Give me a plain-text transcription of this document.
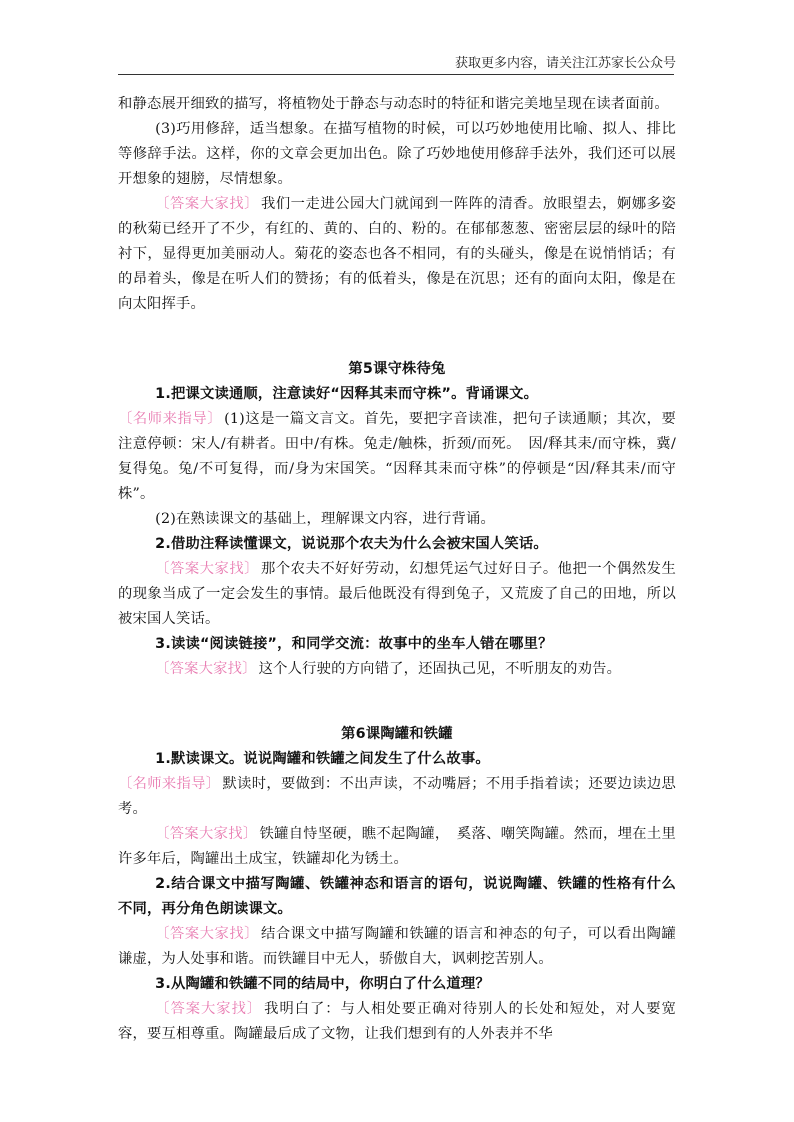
获取更多内容，请关注江苏家长公众号

和静态展开细致的描写，将植物处于静态与动态时的特征和谐完美地呈现在读者面前。

(3)巧用修辞，适当想象。在描写植物的时候，可以巧妙地使用比喻、拟人、排比等修辞手法。这样，你的文章会更加出色。除了巧妙地使用修辞手法外，我们还可以展开想象的翅膀，尽情想象。

〔答案大家找〕 我们一走进公园大门就闻到一阵阵的清香。放眼望去，婀娜多姿的秋菊已经开了不少，有红的、黄的、白的、粉的。在郁郁葱葱、密密层层的绿叶的陪衬下，显得更加美丽动人。菊花的姿态也各不相同，有的头碰头，像是在说悄悄话；有的昂着头，像是在听人们的赞扬；有的低着头，像是在沉思；还有的面向太阳，像是在向太阳挥手。

第5课守株待兔

1.把课文读通顺，注意读好“因释其耒而守株”。背诵课文。

〔名师来指导〕 (1)这是一篇文言文。首先，要把字音读准，把句子读通顺；其次，要注意停顿：宋人/有耕者。田中/有株。兔走/触株，折颈/而死。　因/释其耒/而守株，冀/复得兔。兔/不可复得，而/身为宋国笑。“因释其耒而守株”的停顿是“因/释其耒/而守株”。

(2)在熟读课文的基础上，理解课文内容，进行背诵。

2.借助注释读懂课文，说说那个农夫为什么会被宋国人笑话。

〔答案大家找〕 那个农夫不好好劳动，幻想凭运气过好日子。他把一个偶然发生的现象当成了一定会发生的事情。最后他既没有得到兔子，又荒废了自己的田地，所以被宋国人笑话。

3.读读“阅读链接”，和同学交流：故事中的坐车人错在哪里？

〔答案大家找〕 这个人行驶的方向错了，还固执己见，不听朋友的劝告。

第6课陶罐和铁罐

1.默读课文。说说陶罐和铁罐之间发生了什么故事。

〔名师来指导〕 默读时，要做到：不出声读，不动嘴唇；不用手指着读；还要边读边思考。

〔答案大家找〕 铁罐自恃坚硬，瞧不起陶罐，　奚落、嘲笑陶罐。然而，埋在土里许多年后，陶罐出土成宝，铁罐却化为锈土。

2.结合课文中描写陶罐、铁罐神态和语言的语句，说说陶罐、铁罐的性格有什么不同，再分角色朗读课文。

〔答案大家找〕 结合课文中描写陶罐和铁罐的语言和神态的句子，可以看出陶罐谦虚，为人处事和谐。而铁罐目中无人，骄傲自大，讽刺挖苦别人。

3.从陶罐和铁罐不同的结局中，你明白了什么道理？

〔答案大家找〕 我明白了：与人相处要正确对待别人的长处和短处，对人要宽容，要互相尊重。陶罐最后成了文物，让我们想到有的人外表并不华
